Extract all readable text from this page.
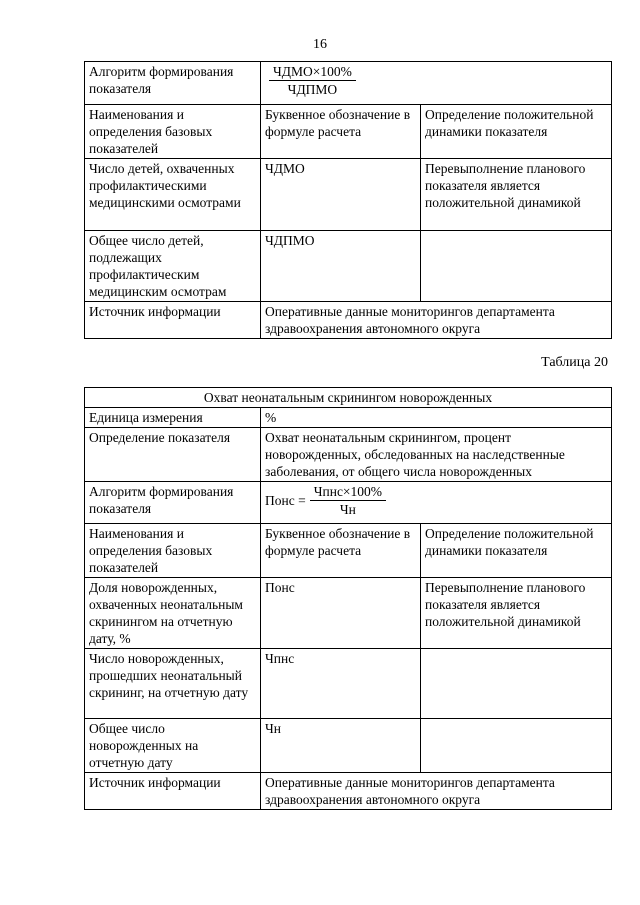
16
Алгоритм формирования показателя	$\frac{\text{ЧДМО×100\%}}{\text{ЧДПМО}}$

Наименования и определения базовых показателей	Буквенное обозначение в формуле расчета	Определение положительной динамики показателя
Число детей, охваченных профилактическими медицинскими осмотрами	ЧДМО	Перевыполнение планового показателя является положительной динамикой
Общее число детей, подлежащих профилактическим медицинским осмотрам	ЧДПМО	
Источник информации	Оперативные данные мониторингов департамента здравоохранения автономного округа	
Таблица 20
Охват неонатальным скринингом новорожденных		
Единица измерения	%	
Определение показателя	Охват неонатальным скринингом, процент новорожденных, обследованных на наследственные заболевания, от общего числа новорожденных	
Алгоритм формирования показателя	Понс = $\frac{\text{Чпнс×100\%}}{Чн}$

Наименования и определения базовых показателей	Буквенное обозначение в формуле расчета	Определение положительной динамики показателя
Доля новорожденных, охваченных неонатальным скринингом на отчетную дату, %	Понс	Перевыполнение планового показателя является положительной динамикой
Число новорожденных, прошедших неонатальный скрининг, на отчетную дату	Чпнс	
Общее число новорожденных на отчетную дату	Чн	
Источник информации	Оперативные данные мониторингов департамента здравоохранения автономного округа	
